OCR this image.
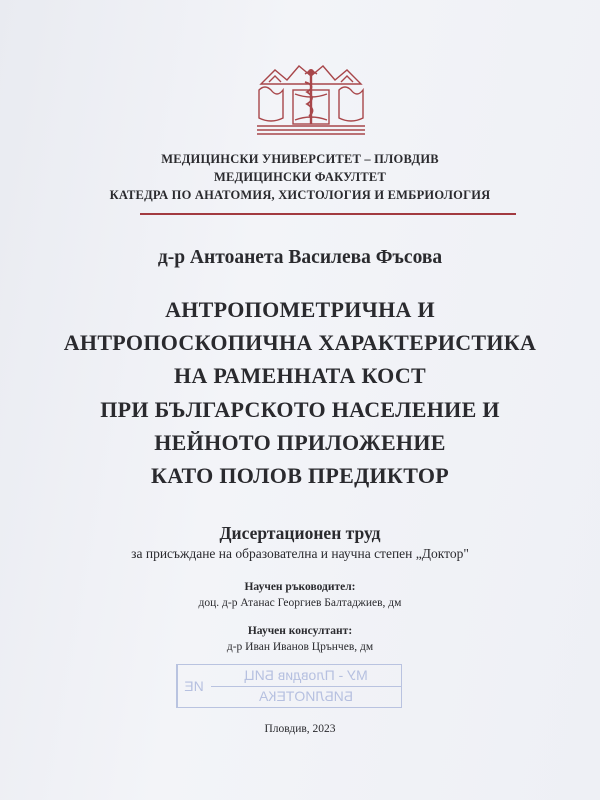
МЕДИЦИНСКИ УНИВЕРСИТЕТ – ПЛОВДИВ
МЕДИЦИНСКИ ФАКУЛТЕТ
КАТЕДРА ПО АНАТОМИЯ, ХИСТОЛОГИЯ И ЕМБРИОЛОГИЯ
д-р Антоанета Василева Фъсова
АНТРОПОМЕТРИЧНА И
АНТРОПОСКОПИЧНА ХАРАКТЕРИСТИКА
НА РАМЕННАТА КОСТ
ПРИ БЪЛГАРСКОТО НАСЕЛЕНИЕ И
НЕЙНОТО ПРИЛОЖЕНИЕ
КАТО ПОЛОВ ПРЕДИКТОР
Дисертационен труд
за присъждане на образователна и научна степен „Доктор"
Научен ръководител:
доц. д-р Атанас Георгиев Балтаджиев, дм
Научен консултант:
д-р Иван Иванов Црънчев, дм
ИЕ
МУ - Пловдив БИЦ
БИБЛИОТЕКА
Пловдив, 2023
